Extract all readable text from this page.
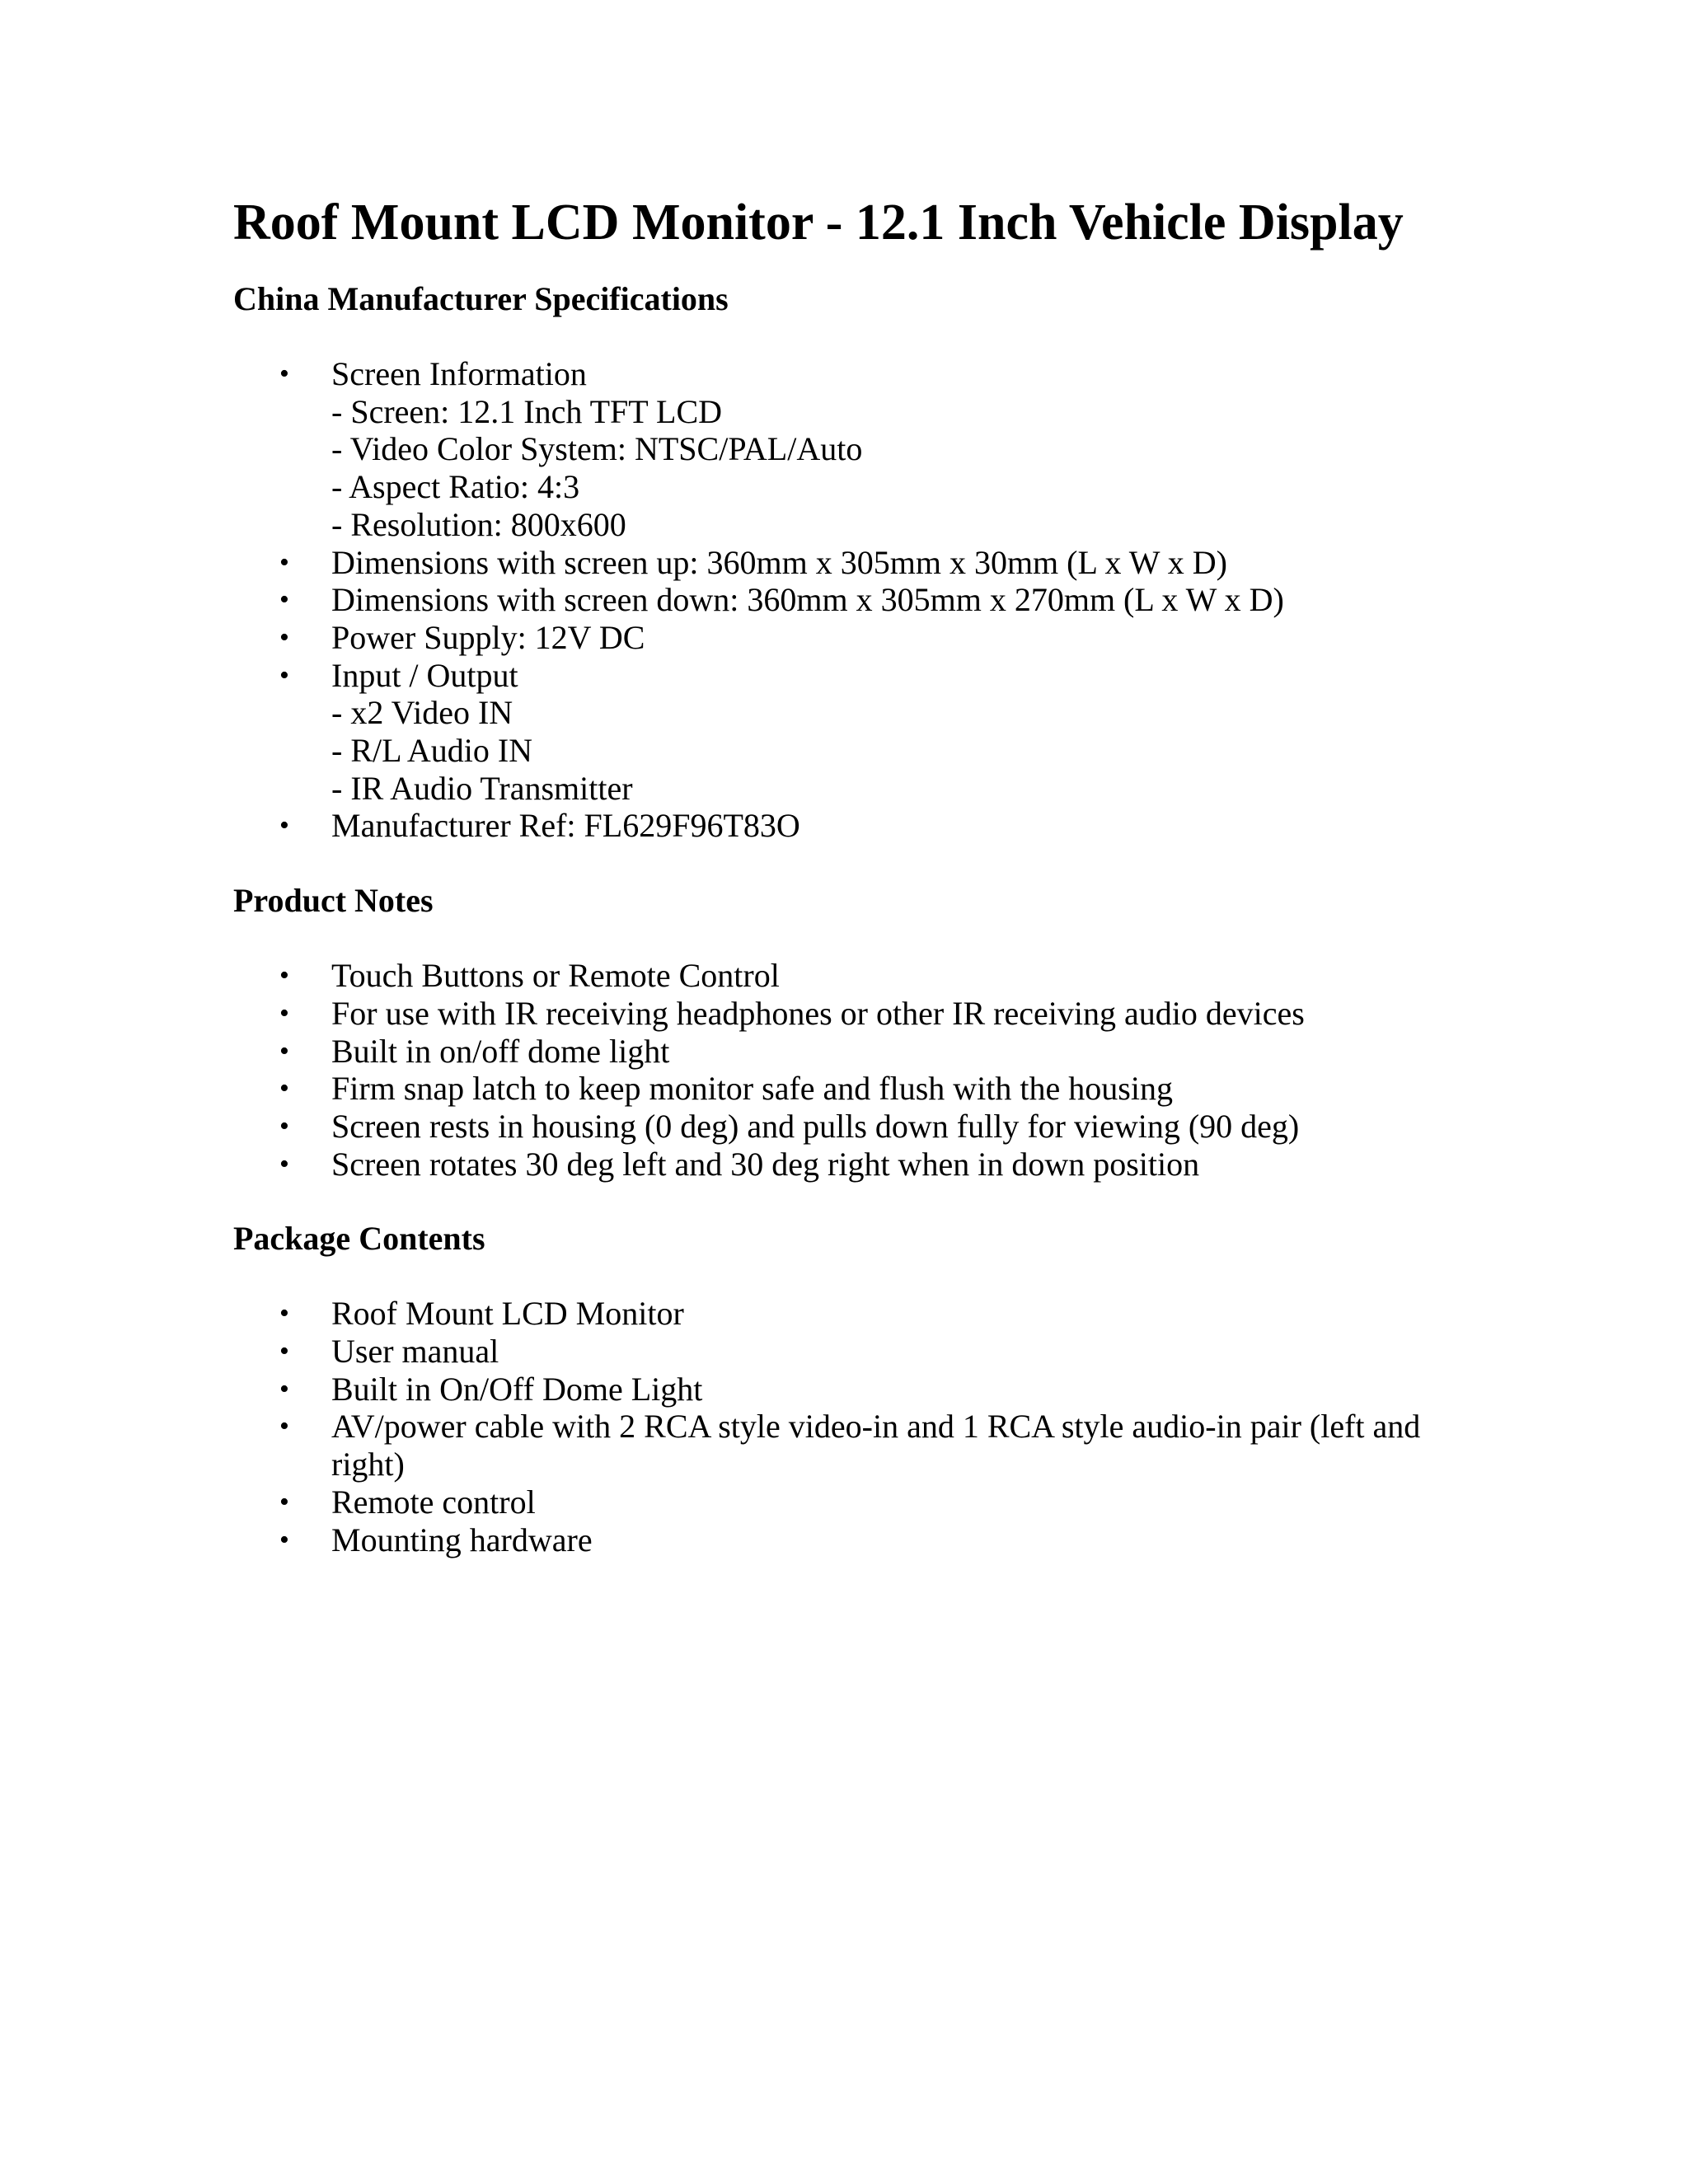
Roof Mount LCD Monitor - 12.1 Inch Vehicle Display
China Manufacturer Specifications
• Screen Information
- Screen: 12.1 Inch TFT LCD
- Video Color System: NTSC/PAL/Auto
- Aspect Ratio: 4:3
- Resolution: 800x600
• Dimensions with screen up: 360mm x 305mm x 30mm (L x W x D)
• Dimensions with screen down: 360mm x 305mm x 270mm (L x W x D)
• Power Supply: 12V DC
• Input / Output
- x2 Video IN
- R/L Audio IN
- IR Audio Transmitter
• Manufacturer Ref: FL629F96T83O
Product Notes
• Touch Buttons or Remote Control
• For use with IR receiving headphones or other IR receiving audio devices
• Built in on/off dome light
• Firm snap latch to keep monitor safe and flush with the housing
• Screen rests in housing (0 deg) and pulls down fully for viewing (90 deg)
• Screen rotates 30 deg left and 30 deg right when in down position
Package Contents
• Roof Mount LCD Monitor
• User manual
• Built in On/Off Dome Light
• AV/power cable with 2 RCA style video-in and 1 RCA style audio-in pair (left and right)
• Remote control
• Mounting hardware
